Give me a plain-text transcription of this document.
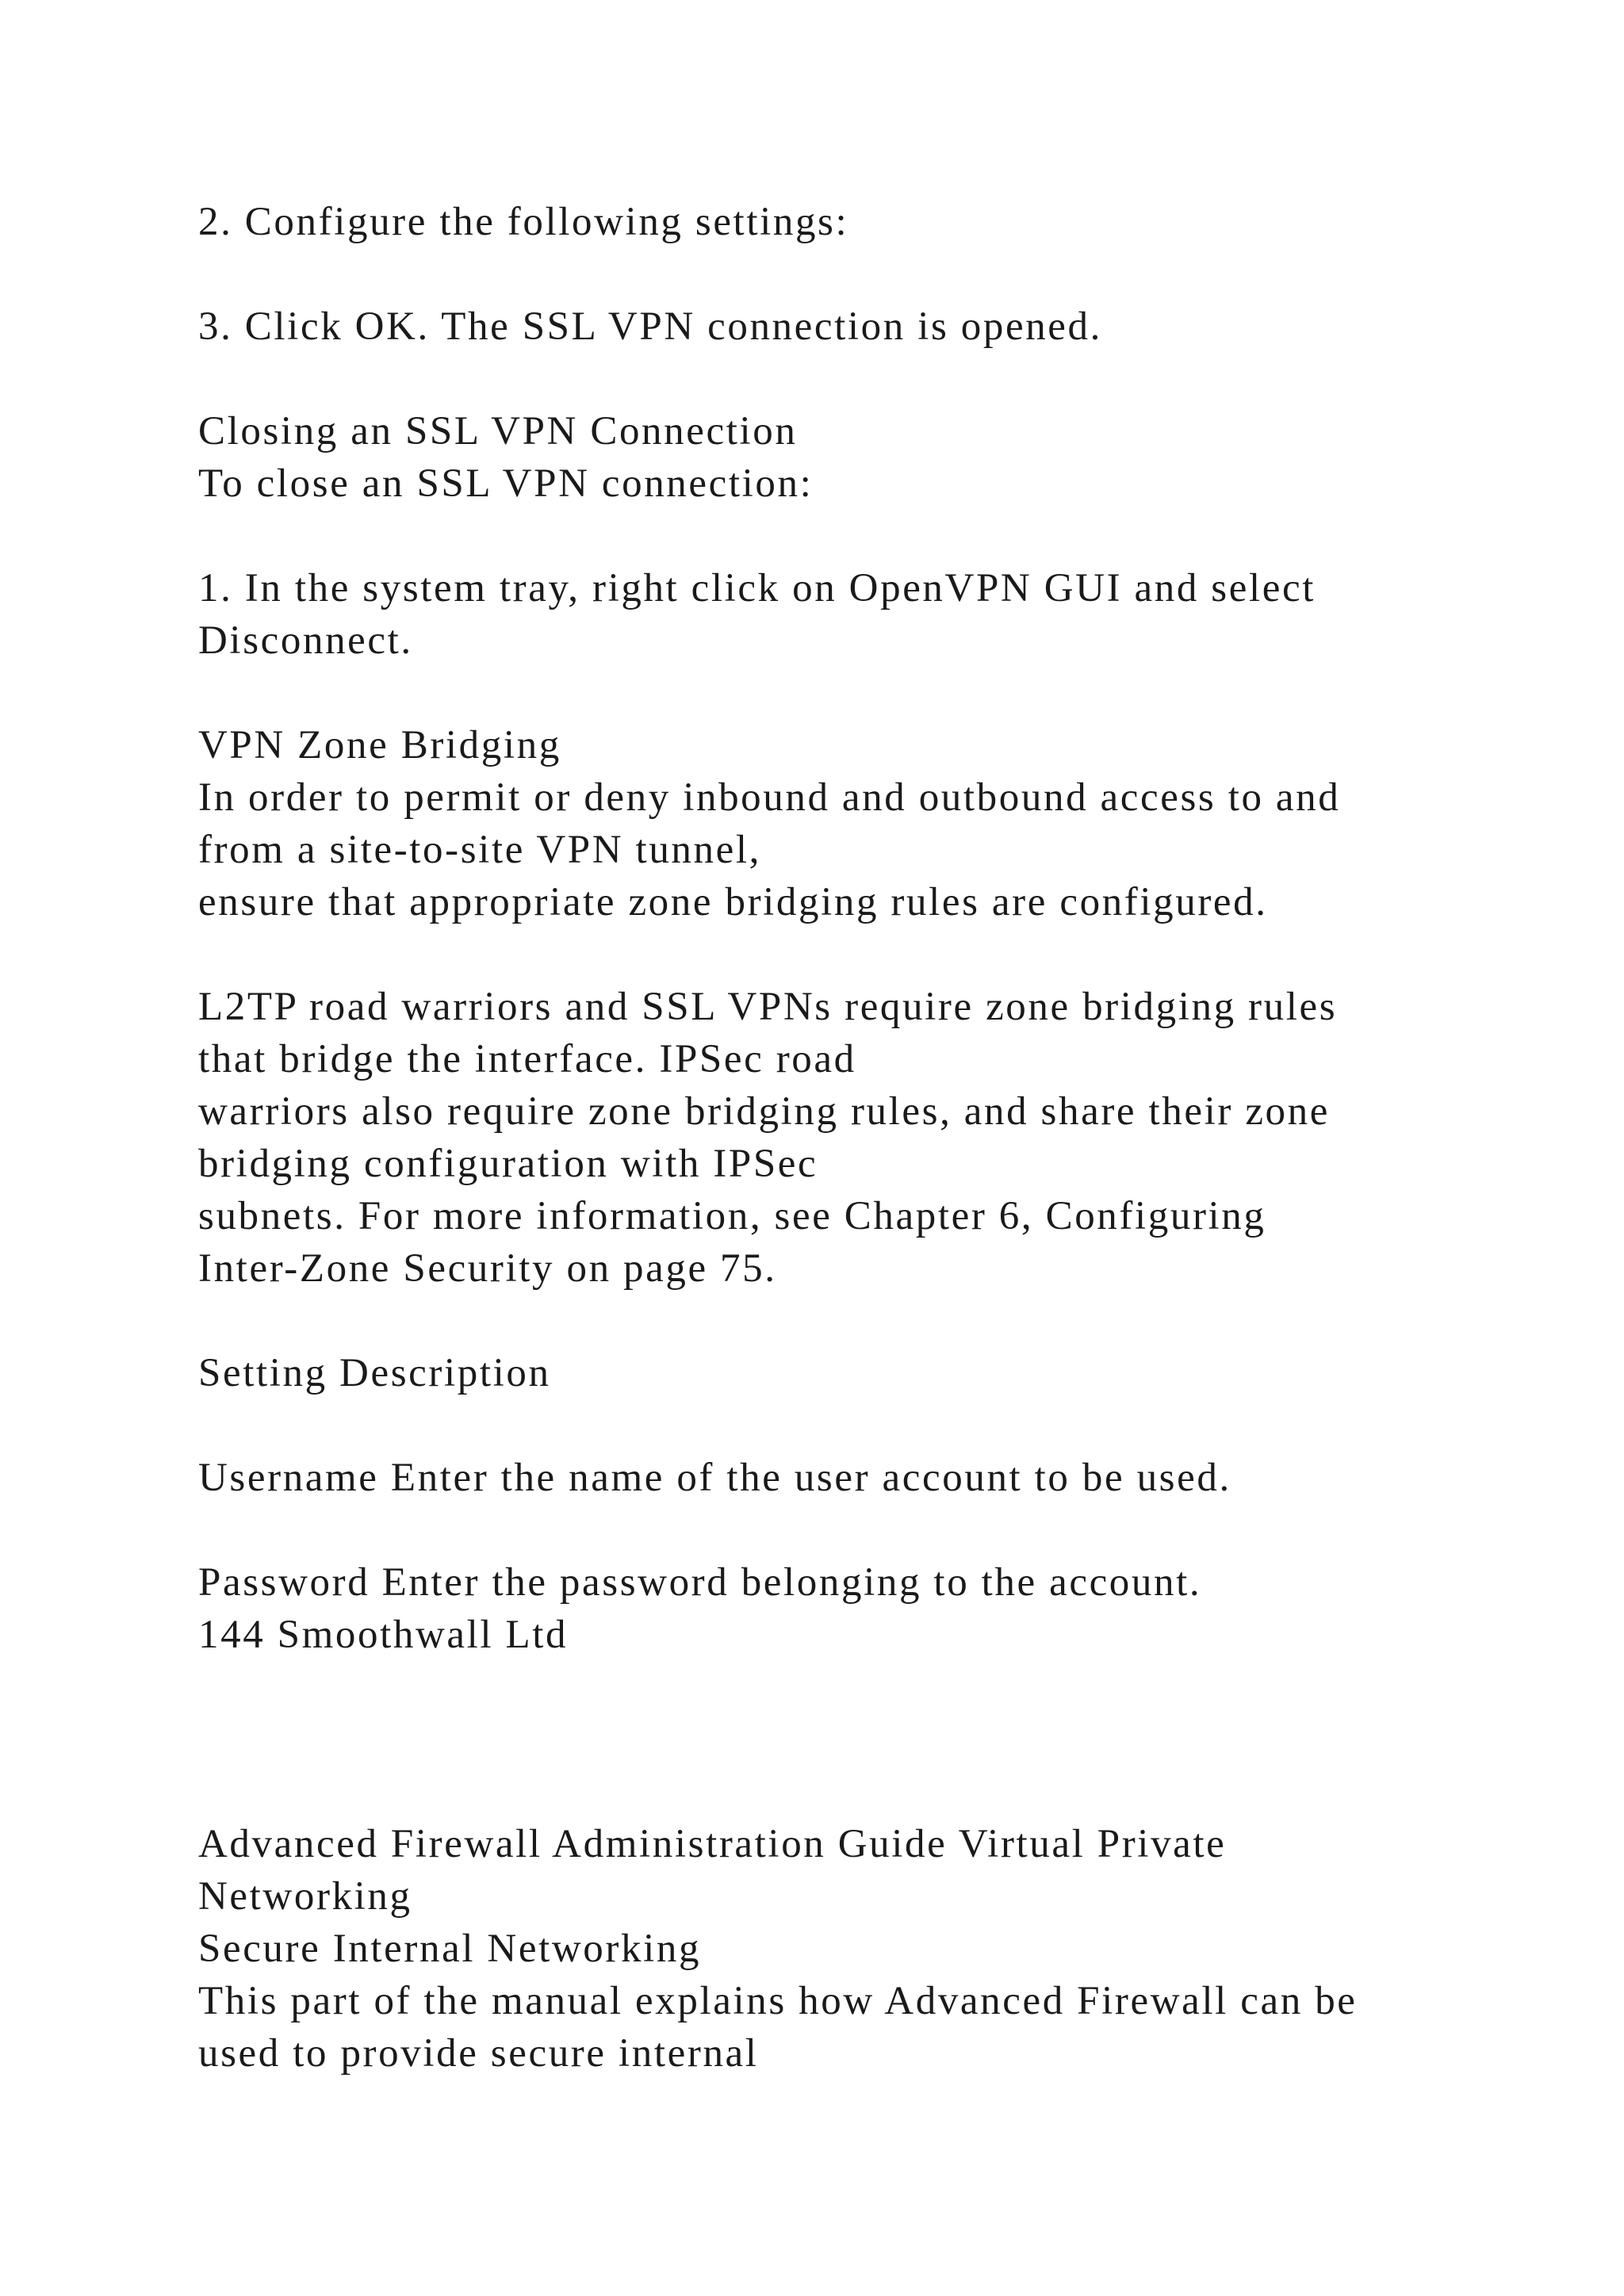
2. Configure the following settings:

3. Click OK. The SSL VPN connection is opened.

Closing an SSL VPN Connection

To close an SSL VPN connection:

1. In the system tray, right click on OpenVPN GUI and select

Disconnect.

VPN Zone Bridging

In order to permit or deny inbound and outbound access to and

from a site-to-site VPN tunnel,

ensure that appropriate zone bridging rules are configured.

L2TP road warriors and SSL VPNs require zone bridging rules

that bridge the interface. IPSec road

warriors also require zone bridging rules, and share their zone

bridging configuration with IPSec

subnets. For more information, see Chapter 6, Configuring

Inter-Zone Security on page 75.

Setting Description

Username Enter the name of the user account to be used.

Password Enter the password belonging to the account.

144 Smoothwall Ltd

Advanced Firewall Administration Guide Virtual Private

Networking

Secure Internal Networking

This part of the manual explains how Advanced Firewall can be

used to provide secure internal
